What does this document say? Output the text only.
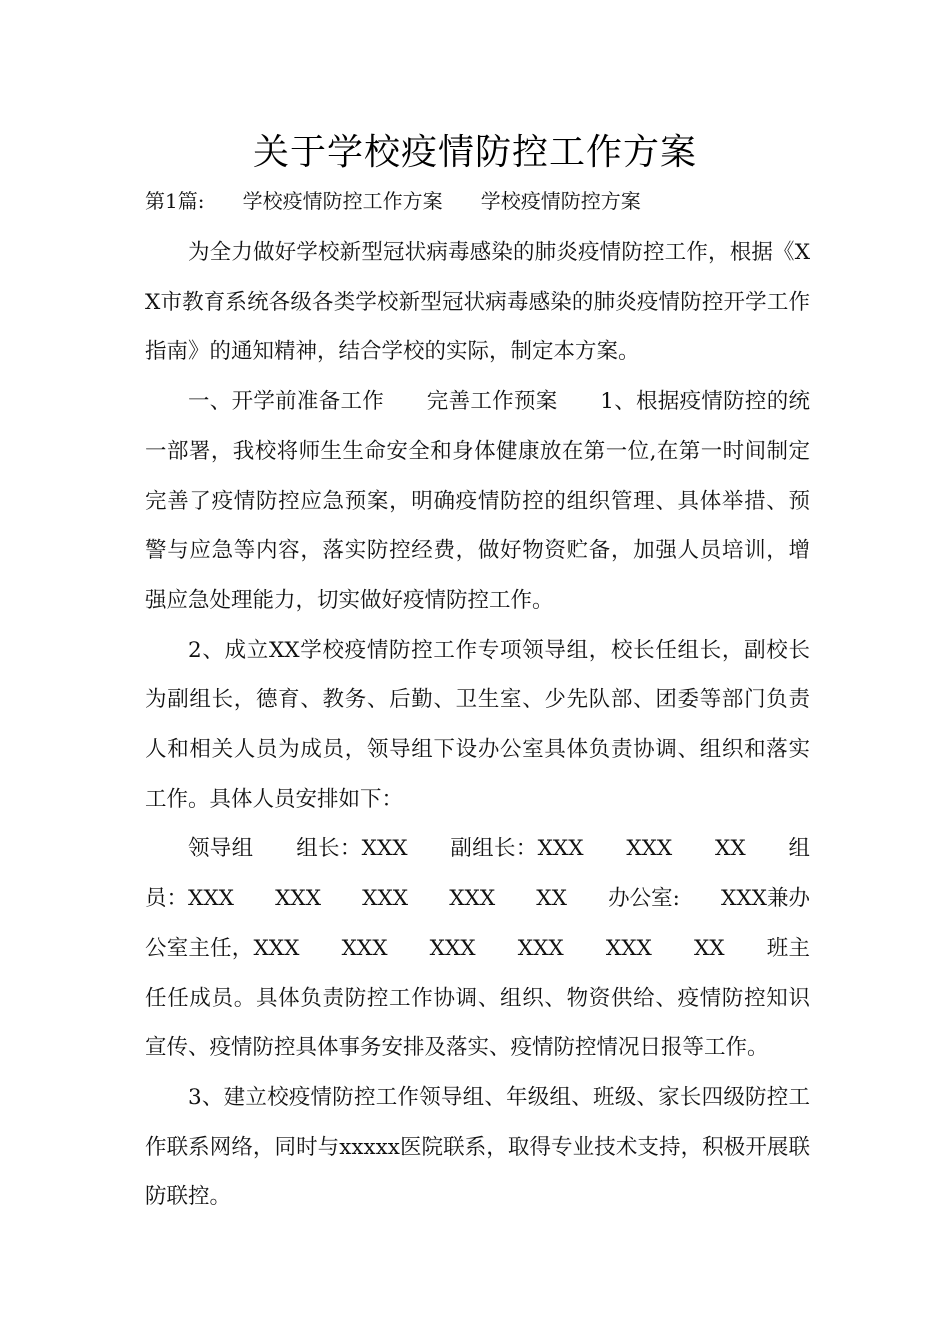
关于学校疫情防控工作方案
第1篇:      学校疫情防控工作方案      学校疫情防控方案

为全力做好学校新型冠状病毒感染的肺炎疫情防控工作，根据《XX市教育系统各级各类学校新型冠状病毒感染的肺炎疫情防控开学工作指南》的通知精神，结合学校的实际，制定本方案。

一、开学前准备工作      完善工作预案      1、根据疫情防控的统一部署，我校将师生生命安全和身体健康放在第一位,在第一时间制定完善了疫情防控应急预案，明确疫情防控的组织管理、具体举措、预警与应急等内容，落实防控经费，做好物资贮备，加强人员培训，增强应急处理能力，切实做好疫情防控工作。

2、成立XX学校疫情防控工作专项领导组，校长任组长，副校长为副组长，德育、教务、后勤、卫生室、少先队部、团委等部门负责人和相关人员为成员，领导组下设办公室具体负责协调、组织和落实工作。具体人员安排如下：

领导组      组长：XXX      副组长：XXX      XXX      XX      组员：XXX      XXX      XXX      XXX      XX      办公室:      XXX兼办公室主任，XXX      XXX      XXX      XXX      XXX      XX      班主任任成员。具体负责防控工作协调、组织、物资供给、疫情防控知识宣传、疫情防控具体事务安排及落实、疫情防控情况日报等工作。

3、建立校疫情防控工作领导组、年级组、班级、家长四级防控工作联系网络，同时与xxxxx医院联系，取得专业技术支持，积极开展联防联控。
